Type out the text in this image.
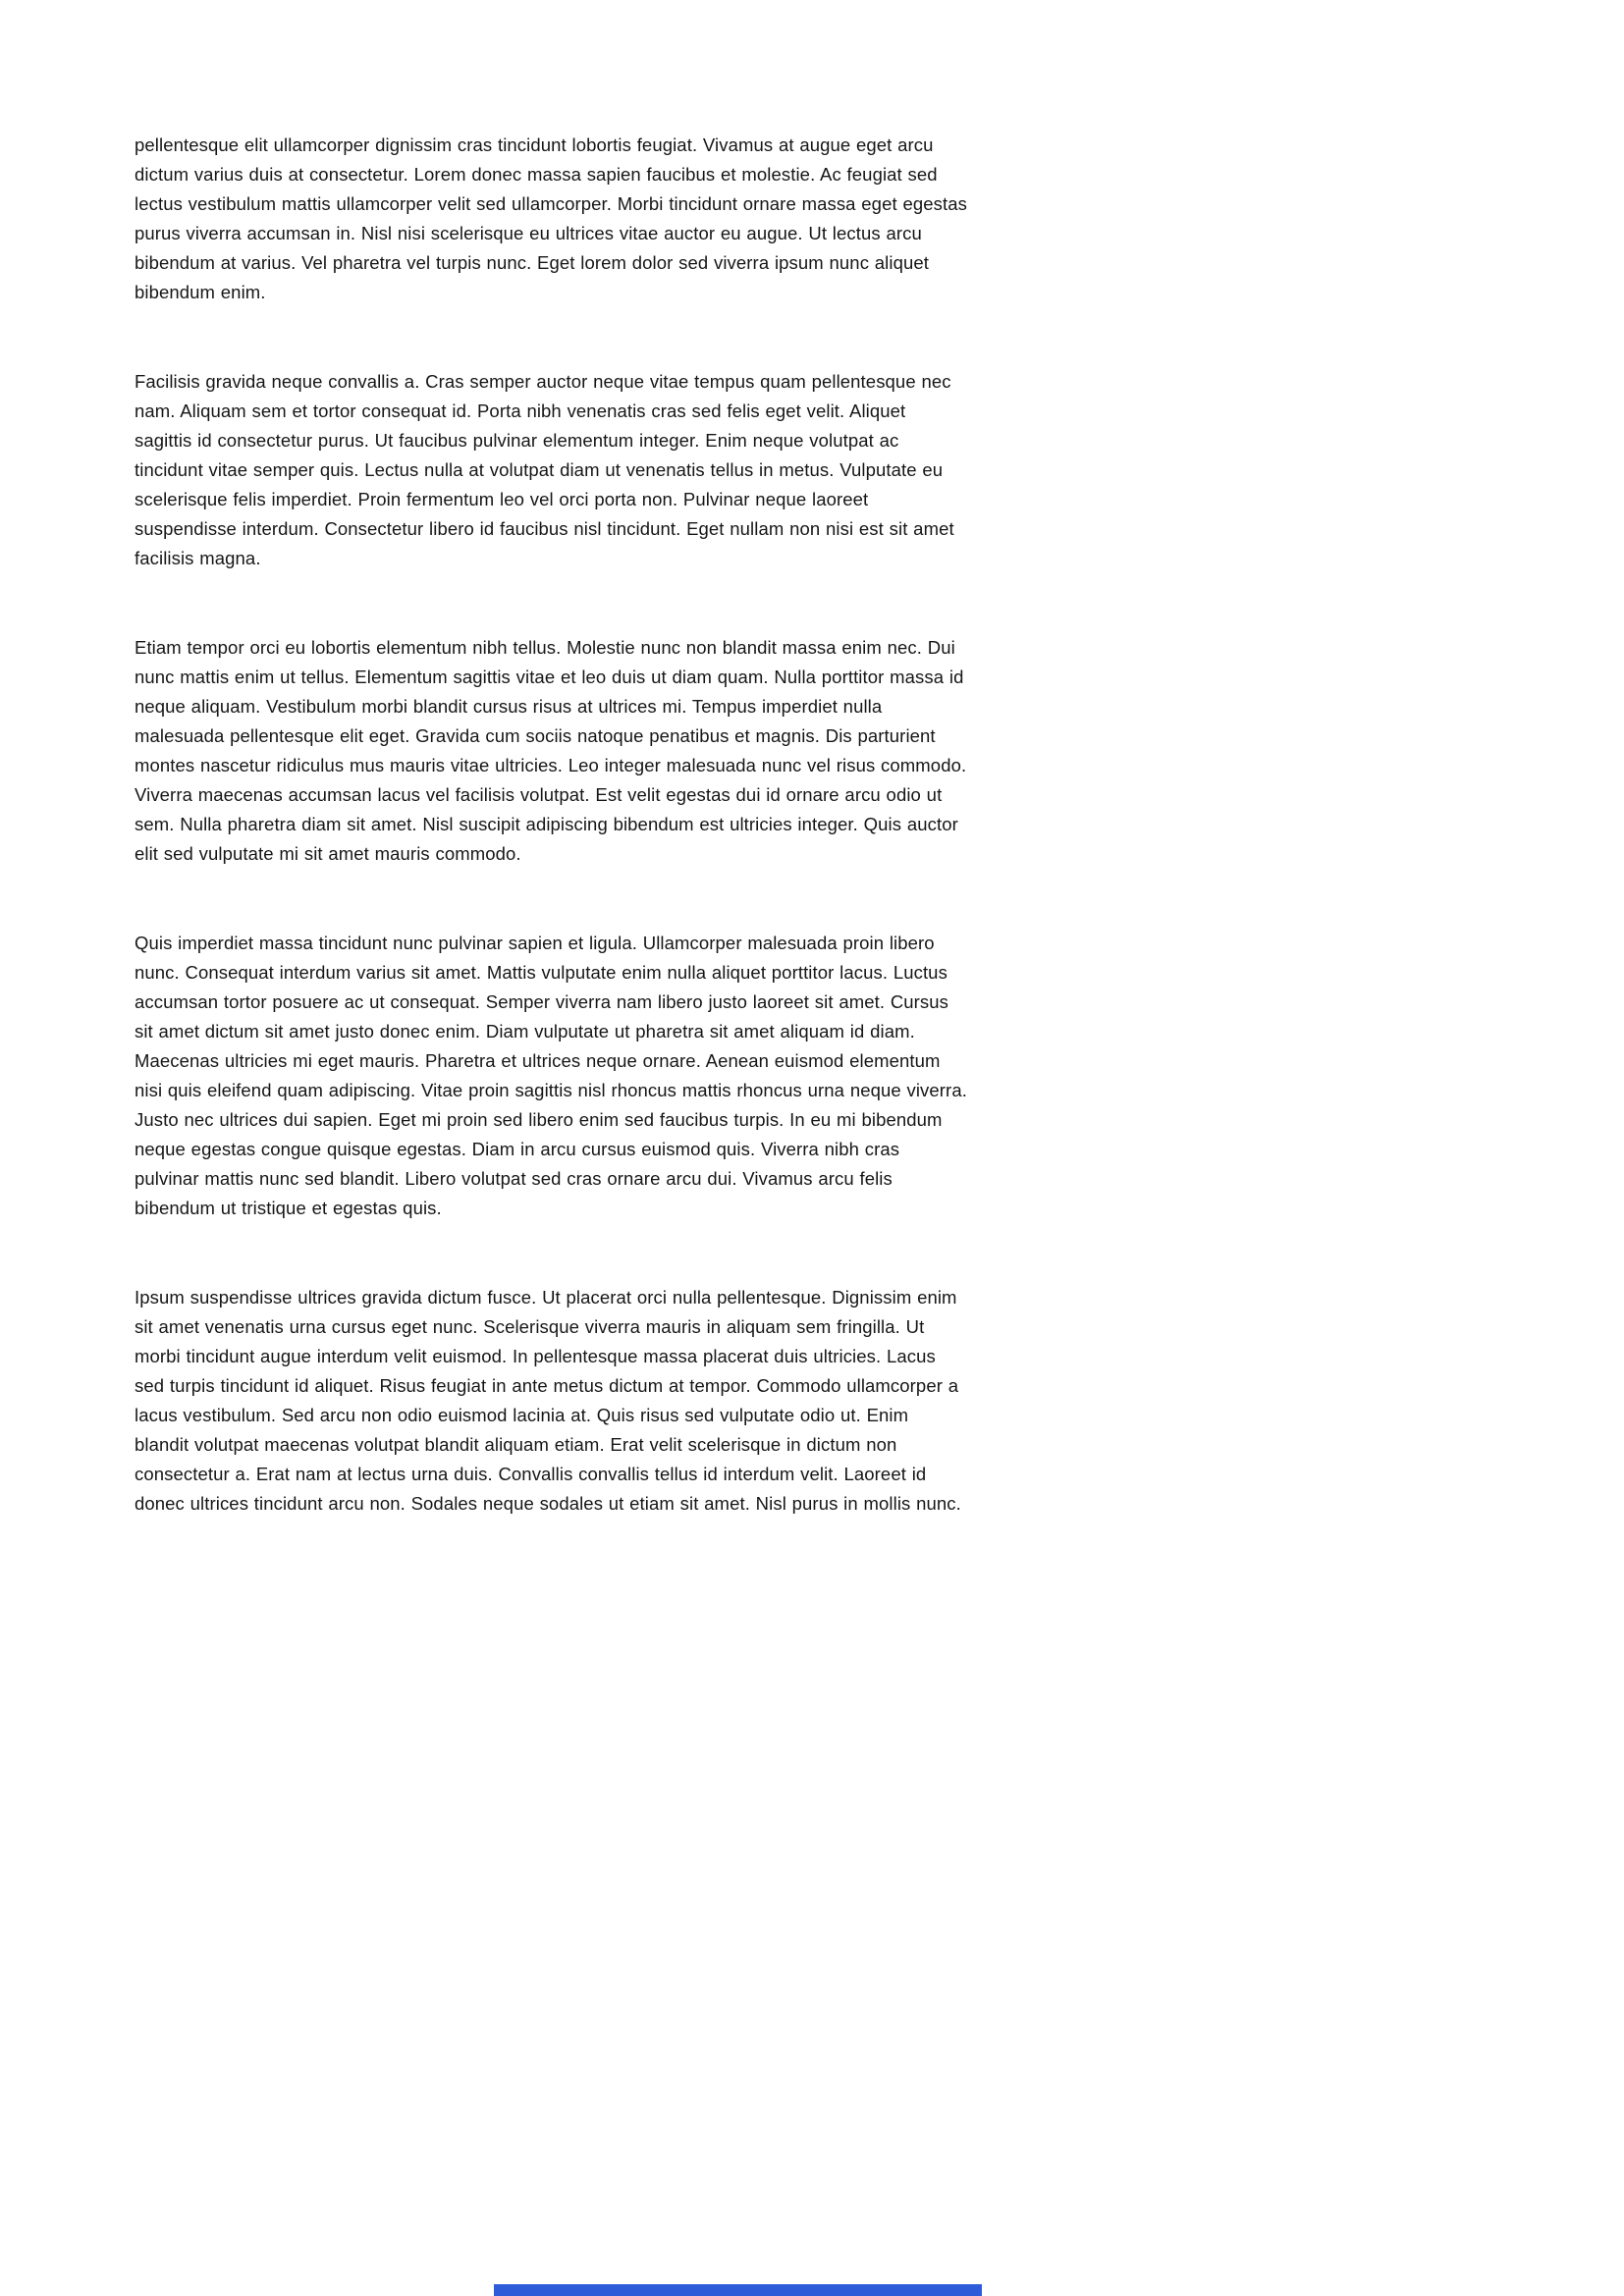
pellentesque elit ullamcorper dignissim cras tincidunt lobortis feugiat. Vivamus at augue eget arcu dictum varius duis at consectetur. Lorem donec massa sapien faucibus et molestie. Ac feugiat sed lectus vestibulum mattis ullamcorper velit sed ullamcorper. Morbi tincidunt ornare massa eget egestas purus viverra accumsan in. Nisl nisi scelerisque eu ultrices vitae auctor eu augue. Ut lectus arcu bibendum at varius. Vel pharetra vel turpis nunc. Eget lorem dolor sed viverra ipsum nunc aliquet bibendum enim.

Facilisis gravida neque convallis a. Cras semper auctor neque vitae tempus quam pellentesque nec nam. Aliquam sem et tortor consequat id. Porta nibh venenatis cras sed felis eget velit. Aliquet sagittis id consectetur purus. Ut faucibus pulvinar elementum integer. Enim neque volutpat ac tincidunt vitae semper quis. Lectus nulla at volutpat diam ut venenatis tellus in metus. Vulputate eu scelerisque felis imperdiet. Proin fermentum leo vel orci porta non. Pulvinar neque laoreet suspendisse interdum. Consectetur libero id faucibus nisl tincidunt. Eget nullam non nisi est sit amet facilisis magna.

Etiam tempor orci eu lobortis elementum nibh tellus. Molestie nunc non blandit massa enim nec. Dui nunc mattis enim ut tellus. Elementum sagittis vitae et leo duis ut diam quam. Nulla porttitor massa id neque aliquam. Vestibulum morbi blandit cursus risus at ultrices mi. Tempus imperdiet nulla malesuada pellentesque elit eget. Gravida cum sociis natoque penatibus et magnis. Dis parturient montes nascetur ridiculus mus mauris vitae ultricies. Leo integer malesuada nunc vel risus commodo. Viverra maecenas accumsan lacus vel facilisis volutpat. Est velit egestas dui id ornare arcu odio ut sem. Nulla pharetra diam sit amet. Nisl suscipit adipiscing bibendum est ultricies integer. Quis auctor elit sed vulputate mi sit amet mauris commodo.

Quis imperdiet massa tincidunt nunc pulvinar sapien et ligula. Ullamcorper malesuada proin libero nunc. Consequat interdum varius sit amet. Mattis vulputate enim nulla aliquet porttitor lacus. Luctus accumsan tortor posuere ac ut consequat. Semper viverra nam libero justo laoreet sit amet. Cursus sit amet dictum sit amet justo donec enim. Diam vulputate ut pharetra sit amet aliquam id diam. Maecenas ultricies mi eget mauris. Pharetra et ultrices neque ornare. Aenean euismod elementum nisi quis eleifend quam adipiscing. Vitae proin sagittis nisl rhoncus mattis rhoncus urna neque viverra. Justo nec ultrices dui sapien. Eget mi proin sed libero enim sed faucibus turpis. In eu mi bibendum neque egestas congue quisque egestas. Diam in arcu cursus euismod quis. Viverra nibh cras pulvinar mattis nunc sed blandit. Libero volutpat sed cras ornare arcu dui. Vivamus arcu felis bibendum ut tristique et egestas quis.

Ipsum suspendisse ultrices gravida dictum fusce. Ut placerat orci nulla pellentesque. Dignissim enim sit amet venenatis urna cursus eget nunc. Scelerisque viverra mauris in aliquam sem fringilla. Ut morbi tincidunt augue interdum velit euismod. In pellentesque massa placerat duis ultricies. Lacus sed turpis tincidunt id aliquet. Risus feugiat in ante metus dictum at tempor. Commodo ullamcorper a lacus vestibulum. Sed arcu non odio euismod lacinia at. Quis risus sed vulputate odio ut. Enim blandit volutpat maecenas volutpat blandit aliquam etiam. Erat velit scelerisque in dictum non consectetur a. Erat nam at lectus urna duis. Convallis convallis tellus id interdum velit. Laoreet id donec ultrices tincidunt arcu non. Sodales neque sodales ut etiam sit amet. Nisl purus in mollis nunc.
